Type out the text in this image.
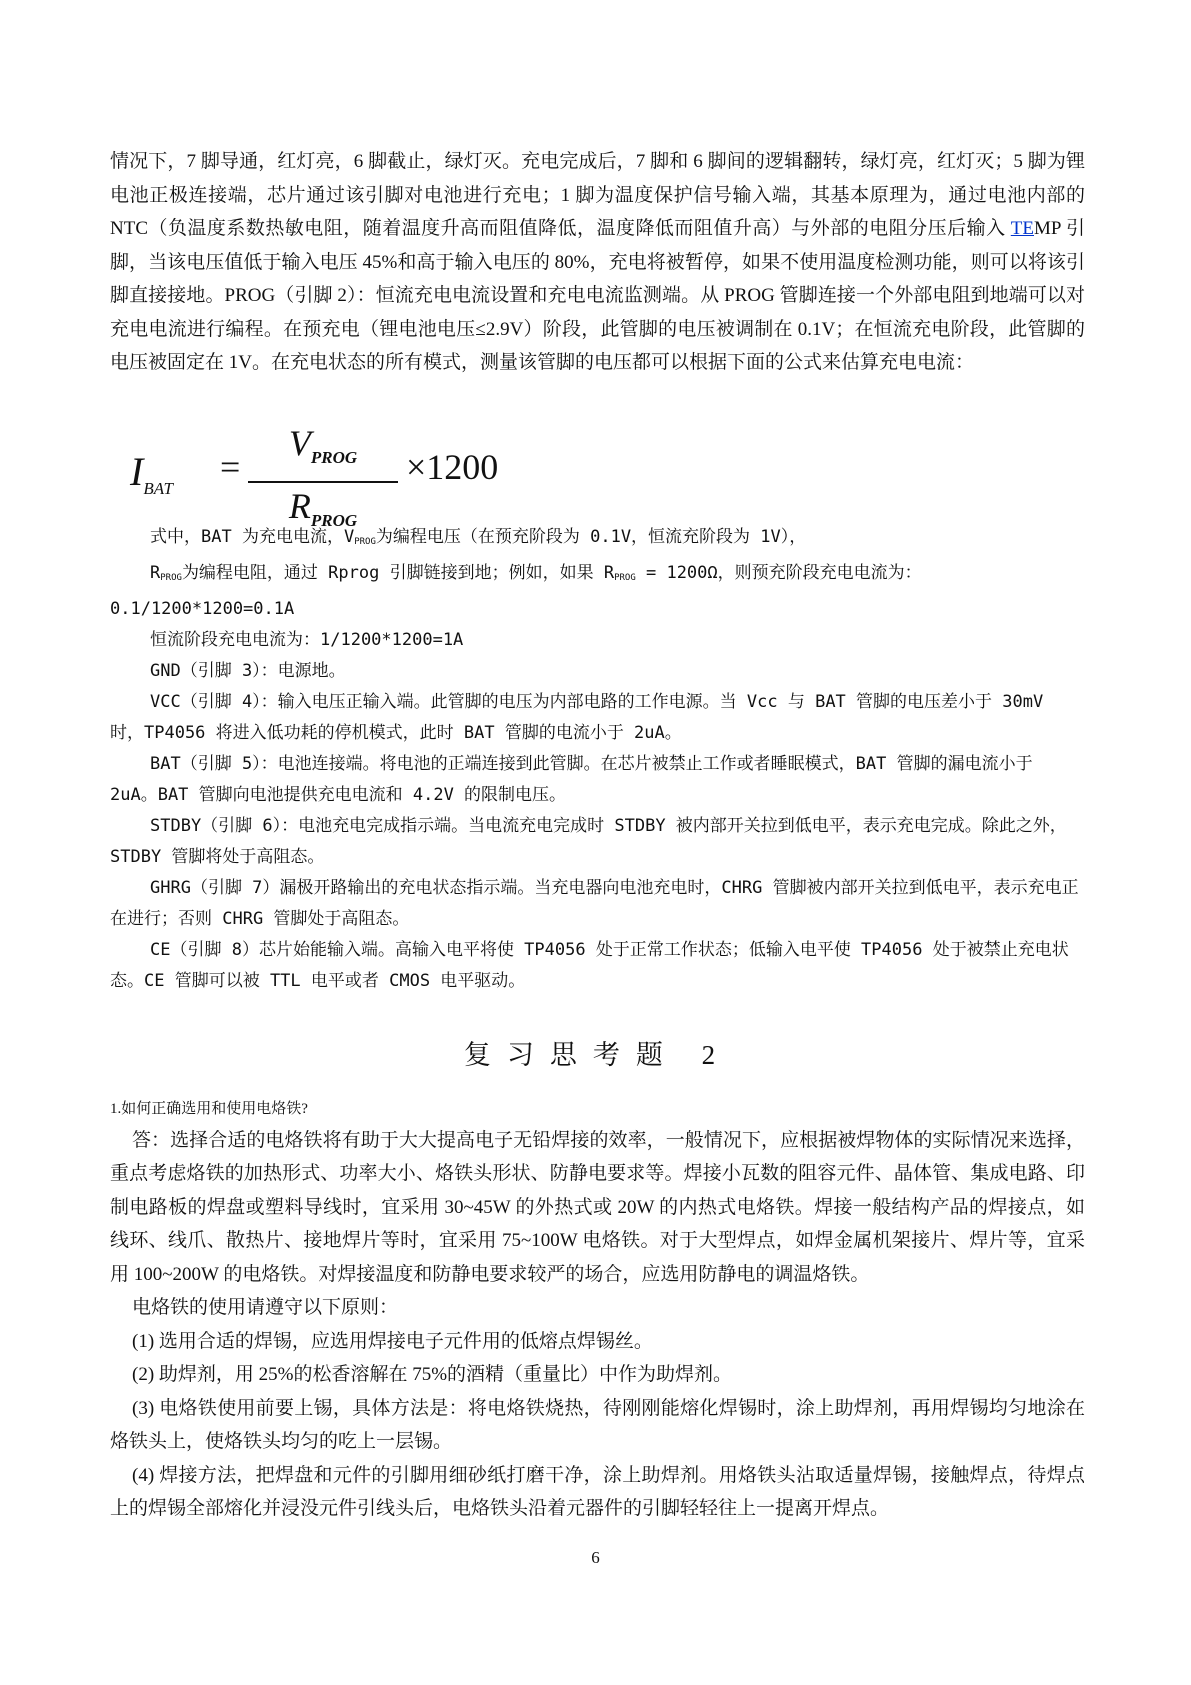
情况下，7 脚导通，红灯亮，6 脚截止，绿灯灭。充电完成后，7 脚和 6 脚间的逻辑翻转，绿灯亮，红灯灭；5 脚为锂电池正极连接端，芯片通过该引脚对电池进行充电；1 脚为温度保护信号输入端，其基本原理为，通过电池内部的 NTC（负温度系数热敏电阻，随着温度升高而阻值降低，温度降低而阻值升高）与外部的电阻分压后输入 TEMP 引脚，当该电压值低于输入电压 45%和高于输入电压的 80%，充电将被暂停，如果不使用温度检测功能，则可以将该引脚直接接地。PROG（引脚 2）：恒流充电电流设置和充电电流监测端。从 PROG 管脚连接一个外部电阻到地端可以对充电电流进行编程。在预充电（锂电池电压≤2.9V）阶段，此管脚的电压被调制在 0.1V；在恒流充电阶段，此管脚的电压被固定在 1V。在充电状态的所有模式，测量该管脚的电压都可以根据下面的公式来估算充电电流：

$I_{BAT}$
=
$V_{PROG}$
$R_{PROG}$
×1200

式中，BAT 为充电电流，VPROG为编程电压（在预充阶段为 0.1V，恒流充阶段为 1V），

RPROG为编程电阻，通过 Rprog 引脚链接到地；例如，如果 RPROG = 1200Ω，则预充阶段充电电流为：0.1/1200*1200=0.1A

恒流阶段充电电流为：1/1200*1200=1A

GND（引脚 3）：电源地。

VCC（引脚 4）：输入电压正输入端。此管脚的电压为内部电路的工作电源。当 Vcc 与 BAT 管脚的电压差小于 30mV 时，TP4056 将进入低功耗的停机模式，此时 BAT 管脚的电流小于 2uA。

BAT（引脚 5）：电池连接端。将电池的正端连接到此管脚。在芯片被禁止工作或者睡眠模式，BAT 管脚的漏电流小于 2uA。BAT 管脚向电池提供充电电流和 4.2V 的限制电压。

STDBY（引脚 6）：电池充电完成指示端。当电流充电完成时 STDBY 被内部开关拉到低电平，表示充电完成。除此之外，STDBY 管脚将处于高阻态。

GHRG（引脚 7）漏极开路输出的充电状态指示端。当充电器向电池充电时，CHRG 管脚被内部开关拉到低电平，表示充电正在进行；否则 CHRG 管脚处于高阻态。

CE（引脚 8）芯片始能输入端。高输入电平将使 TP4056 处于正常工作状态；低输入电平使 TP4056 处于被禁止充电状态。CE 管脚可以被 TTL 电平或者 CMOS 电平驱动。

复习思考题 2

1.如何正确选用和使用电烙铁?

答：选择合适的电烙铁将有助于大大提高电子无铅焊接的效率，一般情况下，应根据被焊物体的实际情况来选择，重点考虑烙铁的加热形式、功率大小、烙铁头形状、防静电要求等。焊接小瓦数的阻容元件、晶体管、集成电路、印制电路板的焊盘或塑料导线时，宜采用 30~45W 的外热式或 20W 的内热式电烙铁。焊接一般结构产品的焊接点，如线环、线爪、散热片、接地焊片等时，宜采用 75~100W 电烙铁。对于大型焊点，如焊金属机架接片、焊片等，宜采用 100~200W 的电烙铁。对焊接温度和防静电要求较严的场合，应选用防静电的调温烙铁。

电烙铁的使用请遵守以下原则：

(1) 选用合适的焊锡，应选用焊接电子元件用的低熔点焊锡丝。

(2) 助焊剂，用 25%的松香溶解在 75%的酒精（重量比）中作为助焊剂。

(3) 电烙铁使用前要上锡，具体方法是：将电烙铁烧热，待刚刚能熔化焊锡时，涂上助焊剂，再用焊锡均匀地涂在烙铁头上，使烙铁头均匀的吃上一层锡。

(4) 焊接方法，把焊盘和元件的引脚用细砂纸打磨干净，涂上助焊剂。用烙铁头沾取适量焊锡，接触焊点，待焊点上的焊锡全部熔化并浸没元件引线头后，电烙铁头沿着元器件的引脚轻轻往上一提离开焊点。

6
